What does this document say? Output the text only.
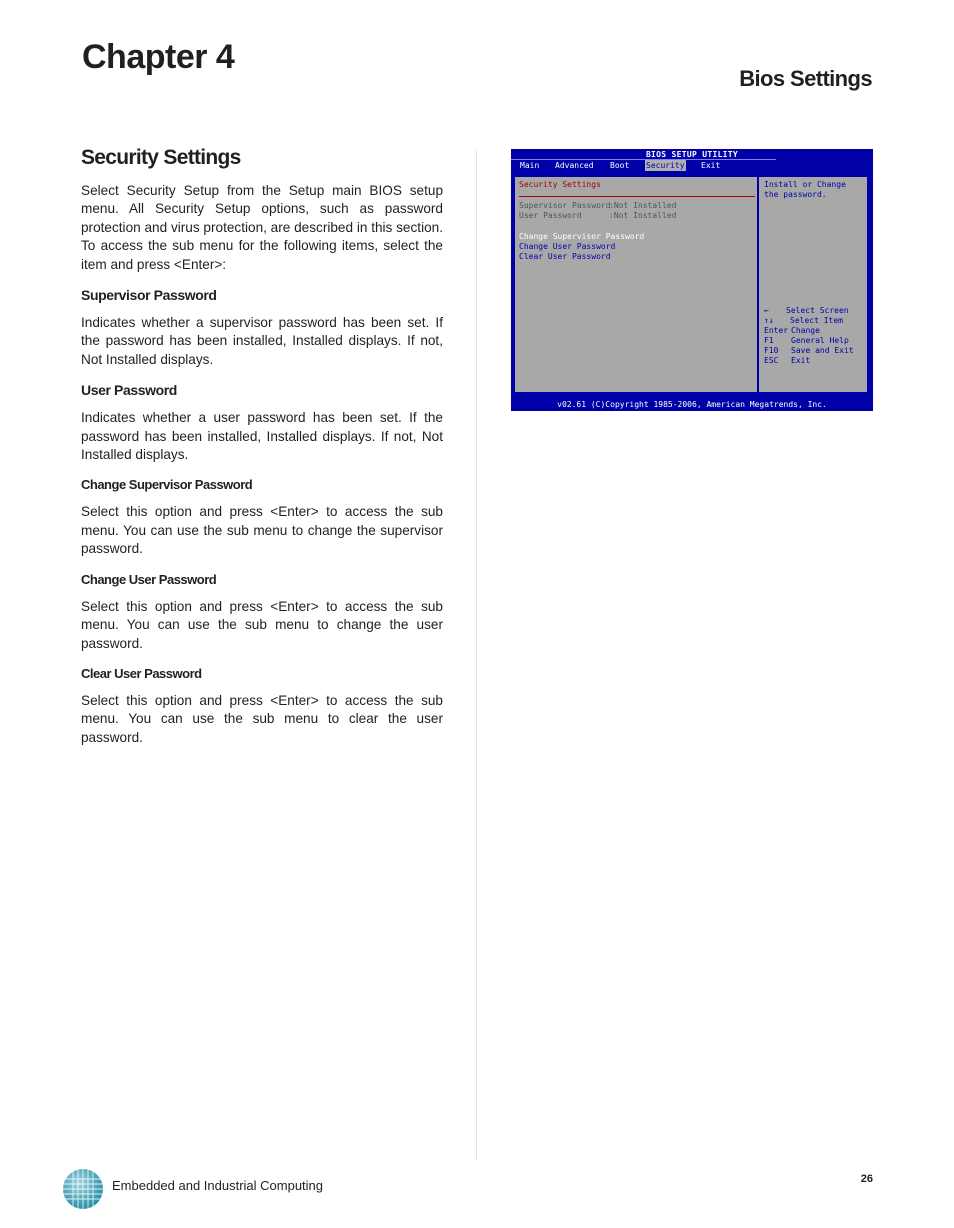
Chapter 4
Bios Settings
Security Settings

Select Security Setup from the Setup main BIOS setup menu. All Security Setup options, such as password protection and virus protection, are described in this section. To access the sub menu for the following items, select the item and press <Enter>:

Supervisor Password

Indicates whether a supervisor password has been set. If the password has been installed, Installed displays. If not, Not Installed displays.

User Password

Indicates whether a user password has been set. If the password has been installed, Installed displays. If not, Not Installed displays.

Change Supervisor Password

Select this option and press <Enter> to access the sub menu. You can use the sub menu to change the supervisor password.

Change User Password

Select this option and press <Enter> to access the sub menu. You can use the sub menu to change the user password.

Clear User Password

Select this option and press <Enter> to access the sub menu. You can use the sub menu to clear the user password.

BIOS SETUP UTILITY
Main Advanced Boot Security Exit
Security Settings
Supervisor Password
:Not Installed
User Password	:Not Installed
Change Supervisor Password
Change User Password
Clear User Password
Install or Change the password.
← Select Screen
↑↓ Select Item
Enter Change
F1 General Help
F10 Save and Exit
ESC Exit
v02.61 (C)Copyright 1985-2006, American Megatrends, Inc.
Embedded and Industrial Computing	26
